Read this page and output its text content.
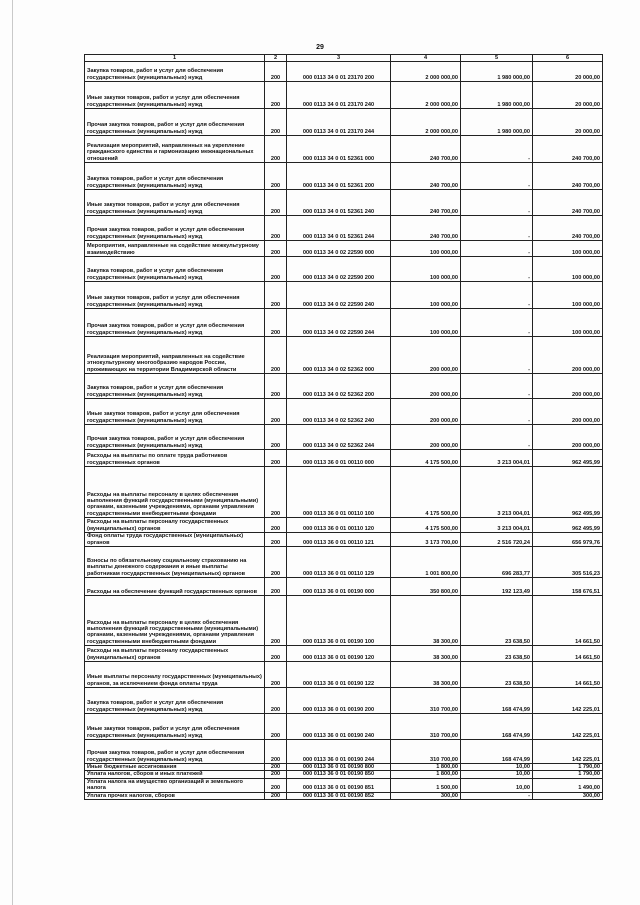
29
1	2	3	4	5	6
Закупка товаров, работ и услуг для обеспечения государственных (муниципальных) нужд	200	000 0113 34 0 01 23170 200	2 000 000,00	1 980 000,00	20 000,00
Иные закупки товаров, работ и услуг для обеспечения государственных (муниципальных) нужд	200	000 0113 34 0 01 23170 240	2 000 000,00	1 980 000,00	20 000,00
Прочая закупка товаров, работ и услуг для обеспечения государственных (муниципальных) нужд	200	000 0113 34 0 01 23170 244	2 000 000,00	1 980 000,00	20 000,00
Реализация мероприятий, направленных на укрепление гражданского единства и гармонизацию межнациональных отношений	200	000 0113 34 0 01 52361 000	240 700,00	-	240 700,00
Закупка товаров, работ и услуг для обеспечения государственных (муниципальных) нужд	200	000 0113 34 0 01 52361 200	240 700,00	-	240 700,00
Иные закупки товаров, работ и услуг для обеспечения государственных (муниципальных) нужд	200	000 0113 34 0 01 52361 240	240 700,00	-	240 700,00
Прочая закупка товаров, работ и услуг для обеспечения государственных (муниципальных) нужд	200	000 0113 34 0 01 52361 244	240 700,00	-	240 700,00
Мероприятия, направленные на содействие межкультурному взаимодействию	200	000 0113 34 0 02 22590 000	100 000,00	-	100 000,00
Закупка товаров, работ и услуг для обеспечения государственных (муниципальных) нужд	200	000 0113 34 0 02 22590 200	100 000,00	-	100 000,00
Иные закупки товаров, работ и услуг для обеспечения государственных (муниципальных) нужд	200	000 0113 34 0 02 22590 240	100 000,00	-	100 000,00
Прочая закупка товаров, работ и услуг для обеспечения государственных (муниципальных) нужд	200	000 0113 34 0 02 22590 244	100 000,00	-	100 000,00
Реализация мероприятий, направленных на содействие этнокультурному многообразию народов России, проживающих на территории Владимирской области	200	000 0113 34 0 02 52362 000	200 000,00	-	200 000,00
Закупка товаров, работ и услуг для обеспечения государственных (муниципальных) нужд	200	000 0113 34 0 02 52362 200	200 000,00	-	200 000,00
Иные закупки товаров, работ и услуг для обеспечения государственных (муниципальных) нужд	200	000 0113 34 0 02 52362 240	200 000,00	-	200 000,00
Прочая закупка товаров, работ и услуг для обеспечения государственных (муниципальных) нужд	200	000 0113 34 0 02 52362 244	200 000,00	-	200 000,00
Расходы на выплаты по оплате труда работников государственных органов	200	000 0113 36 0 01 00110 000	4 175 500,00	3 213 004,01	962 495,99
Расходы на выплаты персоналу в целях обеспечения выполнения функций государственными (муниципальными) органами, казенными учреждениями, органами управления государственными внебюджетными фондами	200	000 0113 36 0 01 00110 100	4 175 500,00	3 213 004,01	962 495,99
Расходы на выплаты персоналу государственных (муниципальных) органов	200	000 0113 36 0 01 00110 120	4 175 500,00	3 213 004,01	962 495,99
Фонд оплаты труда государственных (муниципальных) органов	200	000 0113 36 0 01 00110 121	3 173 700,00	2 516 720,24	656 979,76
Взносы по обязательному социальному страхованию на выплаты денежного содержания и иные выплаты работникам государственных (муниципальных) органов	200	000 0113 36 0 01 00110 129	1 001 800,00	696 283,77	305 516,23
Расходы на обеспечение функций государственных органов	200	000 0113 36 0 01 00190 000	350 800,00	192 123,49	158 676,51
Расходы на выплаты персоналу в целях обеспечения выполнения функций государственными (муниципальными) органами, казенными учреждениями, органами управления государственными внебюджетными фондами	200	000 0113 36 0 01 00190 100	38 300,00	23 638,50	14 661,50
Расходы на выплаты персоналу государственных (муниципальных) органов	200	000 0113 36 0 01 00190 120	38 300,00	23 638,50	14 661,50
Иные выплаты персоналу государственных (муниципальных) органов, за исключением фонда оплаты труда	200	000 0113 36 0 01 00190 122	38 300,00	23 638,50	14 661,50
Закупка товаров, работ и услуг для обеспечения государственных (муниципальных) нужд	200	000 0113 36 0 01 00190 200	310 700,00	168 474,99	142 225,01
Иные закупки товаров, работ и услуг для обеспечения государственных (муниципальных) нужд	200	000 0113 36 0 01 00190 240	310 700,00	168 474,99	142 225,01
Прочая закупка товаров, работ и услуг для обеспечения государственных (муниципальных) нужд	200	000 0113 36 0 01 00190 244	310 700,00	168 474,99	142 225,01
Иные бюджетные ассигнования	200	000 0113 36 0 01 00190 800	1 800,00	10,00	1 790,00
Уплата налогов, сборов и иных платежей	200	000 0113 36 0 01 00190 850	1 800,00	10,00	1 790,00
Уплата налога на имущество организаций и земельного налога	200	000 0113 36 0 01 00190 851	1 500,00	10,00	1 490,00
Уплата прочих налогов, сборов	200	000 0113 36 0 01 00190 852	300,00	-	300,00
